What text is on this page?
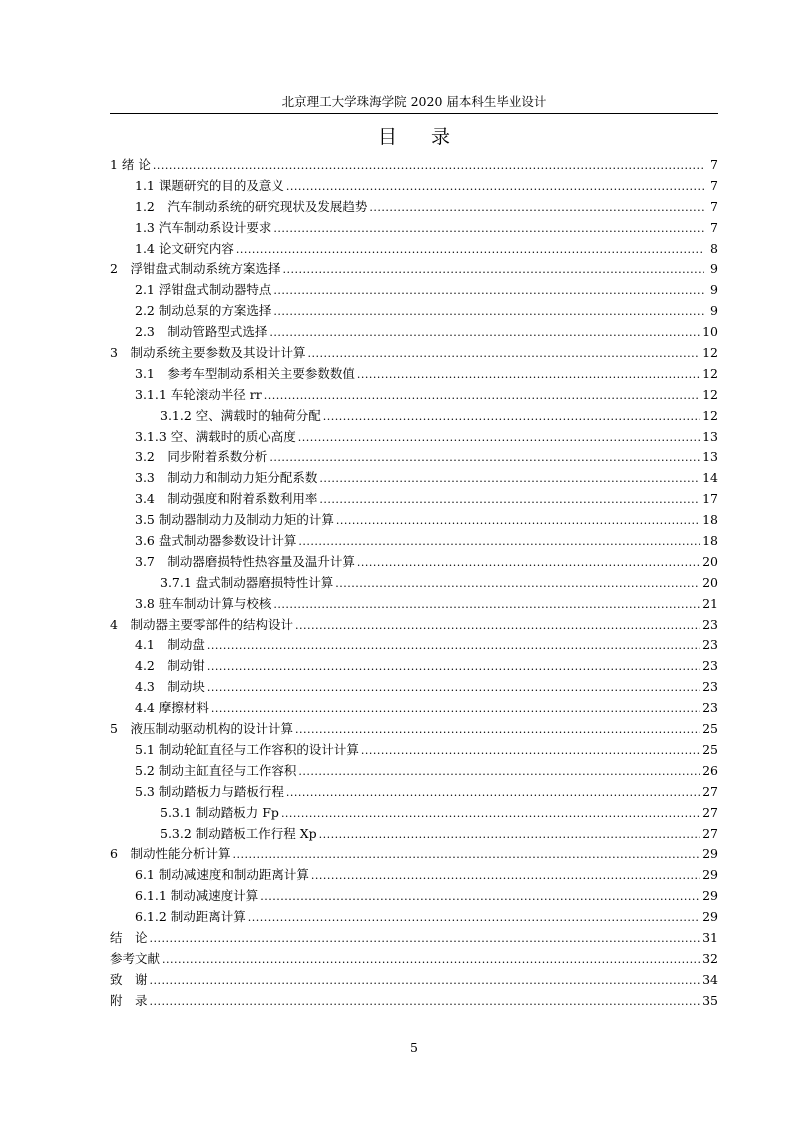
北京理工大学珠海学院 2020 届本科生毕业设计
目 录
1 绪 论 .....	7
1.1 课题研究的目的及意义 .....	7
1.2　汽车制动系统的研究现状及发展趋势 .....	7
1.3 汽车制动系设计要求 .....	7
1.4 论文研究内容 .....	8
2　浮钳盘式制动系统方案选择 .....	9
2.1 浮钳盘式制动器特点 .....	9
2.2 制动总泵的方案选择 .....	9
2.3　制动管路型式选择 .....	10
3　制动系统主要参数及其设计计算 .....	12
3.1　参考车型制动系相关主要参数数值 .....	12
3.1.1 车轮滚动半径 rr .....	12
3.1.2 空、满载时的轴荷分配 .....	12
3.1.3 空、满载时的质心高度 .....	13
3.2　同步附着系数分析 .....	13
3.3　制动力和制动力矩分配系数 .....	14
3.4　制动强度和附着系数利用率 .....	17
3.5 制动器制动力及制动力矩的计算 .....	18
3.6 盘式制动器参数设计计算 .....	18
3.7　制动器磨损特性热容量及温升计算 .....	20
3.7.1 盘式制动器磨损特性计算 .....	20
3.8 驻车制动计算与校核 .....	21
4　制动器主要零部件的结构设计 .....	23
4.1　制动盘 .....	23
4.2　制动钳 .....	23
4.3　制动块 .....	23
4.4 摩擦材料 .....	23
5　液压制动驱动机构的设计计算 .....	25
5.1 制动轮缸直径与工作容积的设计计算 .....	25
5.2 制动主缸直径与工作容积 .....	26
5.3 制动踏板力与踏板行程 .....	27
5.3.1 制动踏板力 Fp .....	27
5.3.2 制动踏板工作行程 Xp .....	27
6　制动性能分析计算 .....	29
6.1 制动减速度和制动距离计算 .....	29
6.1.1 制动减速度计算 .....	29
6.1.2 制动距离计算 .....	29
结　论 .....	31
参考文献 .....	32
致　谢 .....	34
附　录 .....	35
5
